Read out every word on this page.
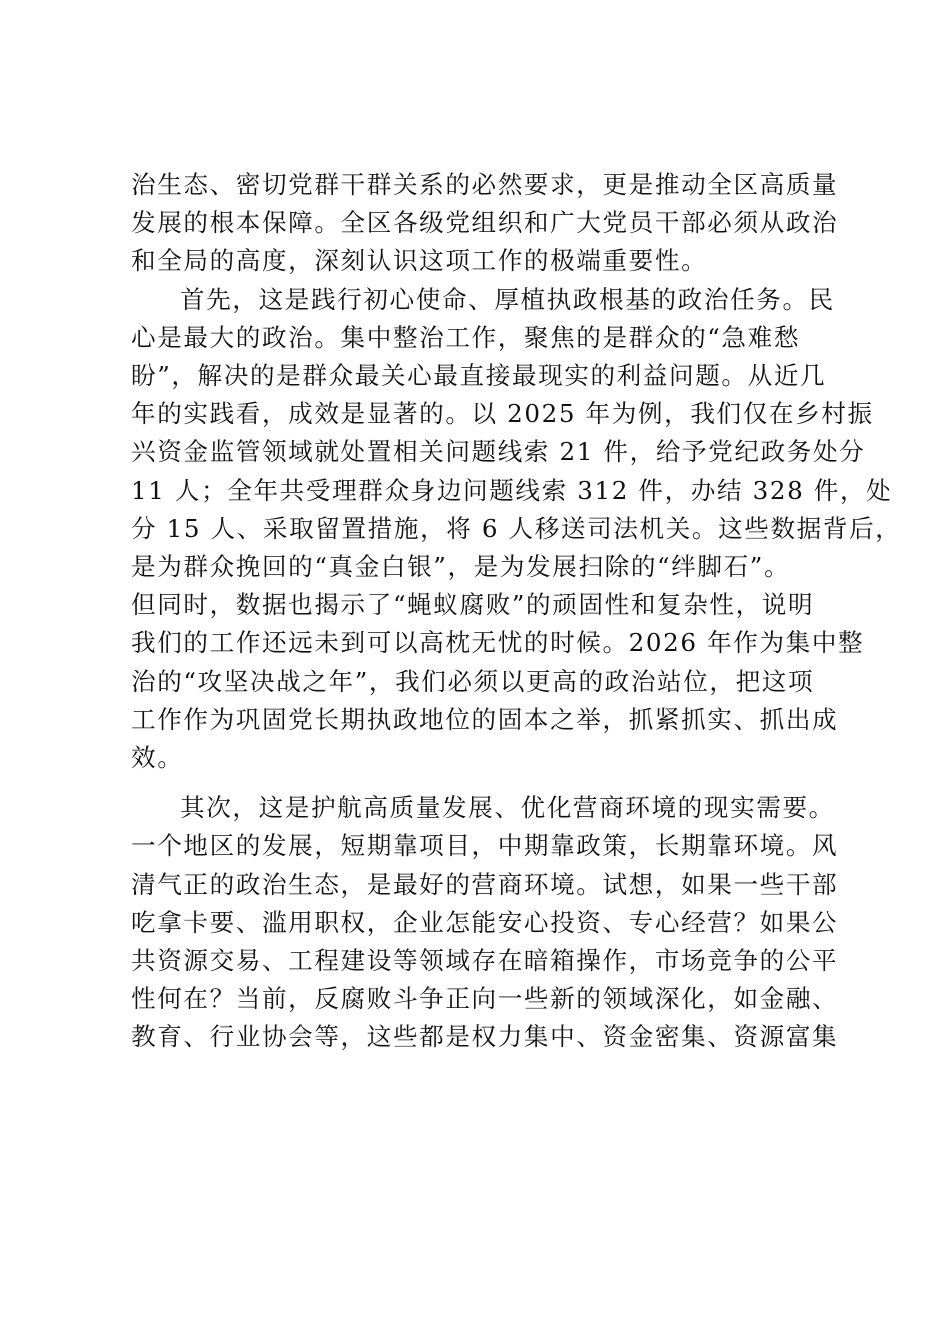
治生态、密切党群干群关系的必然要求，更是推动全区高质量
发展的根本保障。全区各级党组织和广大党员干部必须从政治
和全局的高度，深刻认识这项工作的极端重要性。
首先，这是践行初心使命、厚植执政根基的政治任务。民
心是最大的政治。集中整治工作，聚焦的是群众的“急难愁
盼”，解决的是群众最关心最直接最现实的利益问题。从近几
年的实践看，成效是显著的。以 2025 年为例，我们仅在乡村振
兴资金监管领域就处置相关问题线索 21 件，给予党纪政务处分
11 人；全年共受理群众身边问题线索 312 件，办结 328 件，处
分 15 人、采取留置措施，将 6 人移送司法机关。这些数据背后，
是为群众挽回的“真金白银”，是为发展扫除的“绊脚石”。
但同时，数据也揭示了“蝇蚁腐败”的顽固性和复杂性，说明
我们的工作还远未到可以高枕无忧的时候。2026 年作为集中整
治的“攻坚决战之年”，我们必须以更高的政治站位，把这项
工作作为巩固党长期执政地位的固本之举，抓紧抓实、抓出成
效。
其次，这是护航高质量发展、优化营商环境的现实需要。
一个地区的发展，短期靠项目，中期靠政策，长期靠环境。风
清气正的政治生态，是最好的营商环境。试想，如果一些干部
吃拿卡要、滥用职权，企业怎能安心投资、专心经营？如果公
共资源交易、工程建设等领域存在暗箱操作，市场竞争的公平
性何在？当前，反腐败斗争正向一些新的领域深化，如金融、
教育、行业协会等，这些都是权力集中、资金密集、资源富集
